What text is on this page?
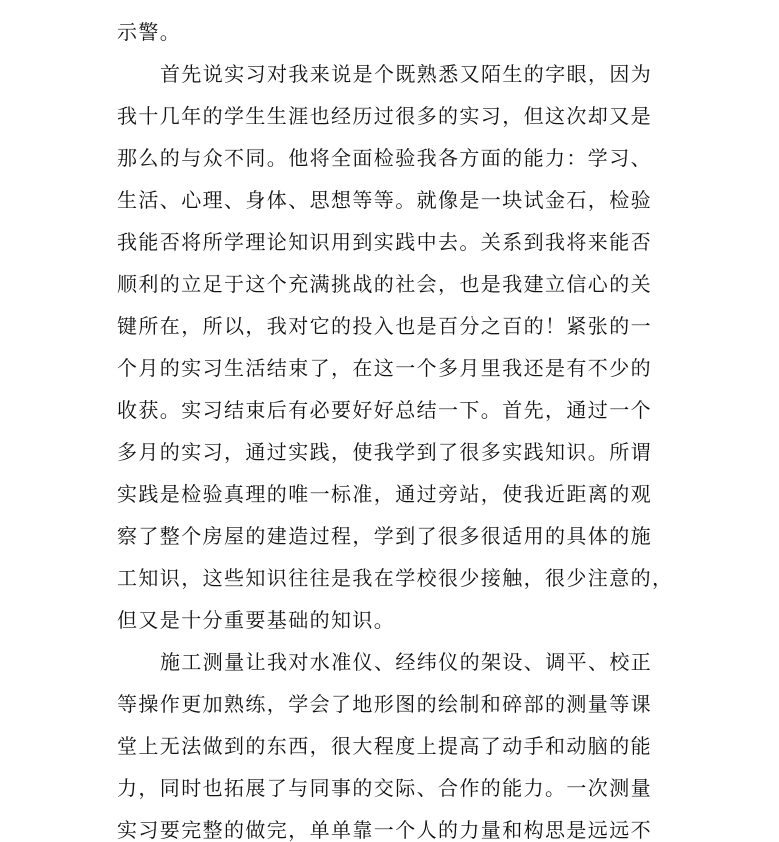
示警。
首先说实习对我来说是个既熟悉又陌生的字眼，因为
我十几年的学生生涯也经历过很多的实习，但这次却又是
那么的与众不同。他将全面检验我各方面的能力：学习、
生活、心理、身体、思想等等。就像是一块试金石，检验
我能否将所学理论知识用到实践中去。关系到我将来能否
顺利的立足于这个充满挑战的社会，也是我建立信心的关
键所在，所以，我对它的投入也是百分之百的！紧张的一
个月的实习生活结束了，在这一个多月里我还是有不少的
收获。实习结束后有必要好好总结一下。首先，通过一个
多月的实习，通过实践，使我学到了很多实践知识。所谓
实践是检验真理的唯一标准，通过旁站，使我近距离的观
察了整个房屋的建造过程，学到了很多很适用的具体的施
工知识，这些知识往往是我在学校很少接触，很少注意的，
但又是十分重要基础的知识。
施工测量让我对水准仪、经纬仪的架设、调平、校正
等操作更加熟练，学会了地形图的绘制和碎部的测量等课
堂上无法做到的东西，很大程度上提高了动手和动脑的能
力，同时也拓展了与同事的交际、合作的能力。一次测量
实习要完整的做完，单单靠一个人的力量和构思是远远不
